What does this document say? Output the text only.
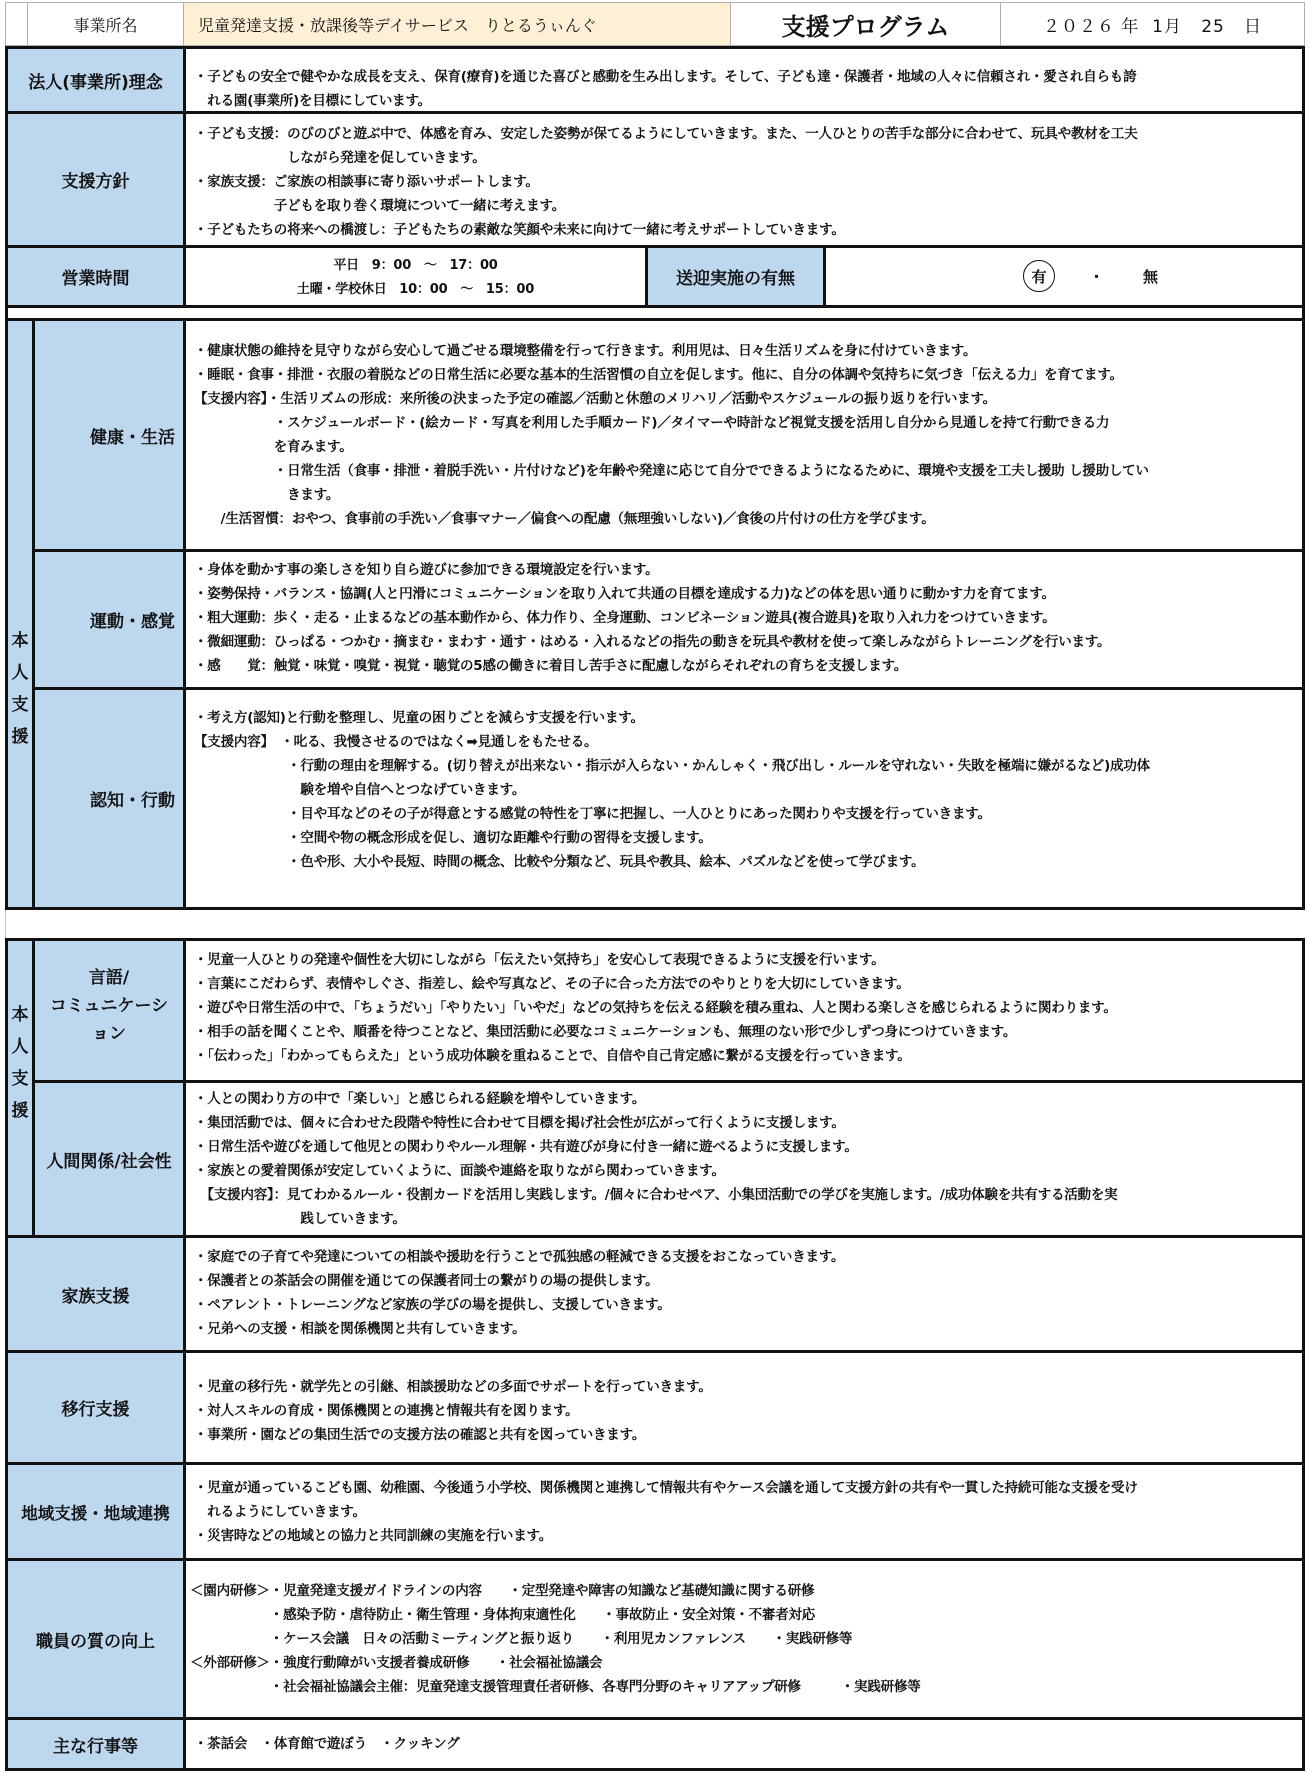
事業所名	児童発達支援・放課後等デイサービス　りとるうぃんぐ	支援プログラム	２０２６ 年  1月   25   日
法人(事業所)理念	・子どもの安全で健やかな成長を支え、保育(療育)を通じた喜びと感動を生み出します。そして、子ども達・保護者・地域の人々に信頼され・愛され自らも誇
　れる園(事業所)を目標にしています。
支援方針
・子ども支援：のびのびと遊ぶ中で、体感を育み、安定した姿勢が保てるようにしていきます。また、一人ひとりの苦手な部分に合わせて、玩具や教材を工夫
　　　　　　　しながら発達を促していきます。
・家族支援：ご家族の相談事に寄り添いサポートします。
　　　　　　子どもを取り巻く環境について一緒に考えます。
・子どもたちの将来への橋渡し：子どもたちの素敵な笑顔や未来に向けて一緒に考えサポートしていきます。
営業時間
平日　9：00　～　17：00
土曜・学校休日　10：00　～　15：00
送迎実施の有無	有	・	無
本
人
支
援
健康・生活
・健康状態の維持を見守りながら安心して過ごせる環境整備を行って行きます。利用児は、日々生活リズムを身に付けていきます。
・睡眠・食事・排泄・衣服の着脱などの日常生活に必要な基本的生活習慣の自立を促します。他に、自分の体調や気持ちに気づき「伝える力」を育てます。
【支援内容】・生活リズムの形成：来所後の決まった予定の確認／活動と休憩のメリハリ／活動やスケジュールの振り返りを行います。
　　　　　　・スケジュールボード・(絵カード・写真を利用した手順カード)／タイマーや時計など視覚支援を活用し自分から見通しを持て行動できる力
　　　　　　を育みます。
　　　　　　・日常生活（食事・排泄・着脱手洗い・片付けなど)を年齢や発達に応じて自分でできるようになるために、環境や支援を工夫し援助 し援助してい
　　　　　　　きます。
　　/生活習慣：おやつ、食事前の手洗い／食事マナー／偏食への配慮（無理強いしない)／食後の片付けの仕方を学びます。
運動・感覚
・身体を動かす事の楽しさを知り自ら遊びに参加できる環境設定を行います。
・姿勢保持・バランス・協調(人と円滑にコミュニケーションを取り入れて共通の目標を達成する力)などの体を思い通りに動かす力を育てます。
・粗大運動：歩く・走る・止まるなどの基本動作から、体力作り、全身運動、コンビネーション遊具(複合遊具)を取り入れ力をつけていきます。
・微細運動：ひっぱる・つかむ・摘まむ・まわす・通す・はめる・入れるなどの指先の動きを玩具や教材を使って楽しみながらトレーニングを行います。
・感　　覚：触覚・味覚・嗅覚・視覚・聴覚の5感の働きに着目し苦手さに配慮しながらそれぞれの育ちを支援します。
認知・行動
・考え方(認知)と行動を整理し、児童の困りごとを減らす支援を行います。
【支援内容】　・叱る、我慢させるのではなく➡見通しをもたせる。
　　　　　　　・行動の理由を理解する。(切り替えが出来ない・指示が入らない・かんしゃく・飛び出し・ルールを守れない・失敗を極端に嫌がるなど)成功体
　　　　　　　　験を増や自信へとつなげていきます。
　　　　　　　・目や耳などのその子が得意とする感覚の特性を丁寧に把握し、一人ひとりにあった関わりや支援を行っていきます。
　　　　　　　・空間や物の概念形成を促し、適切な距離や行動の習得を支援します。
　　　　　　　・色や形、大小や長短、時間の概念、比較や分類など、玩具や教具、絵本、パズルなどを使って学びます。
本
人
支
援
言語/
コミュニケーシ
ョン
・児童一人ひとりの発達や個性を大切にしながら「伝えたい気持ち」を安心して表現できるように支援を行います。
・言葉にこだわらず、表情やしぐさ、指差し、絵や写真など、その子に合った方法でのやりとりを大切にしていきます。
・遊びや日常生活の中で、「ちょうだい」「やりたい」「いやだ」などの気持ちを伝える経験を積み重ね、人と関わる楽しさを感じられるように関わります。
・相手の話を聞くことや、順番を待つことなど、集団活動に必要なコミュニケーションも、無理のない形で少しずつ身につけていきます。
・「伝わった」「わかってもらえた」という成功体験を重ねることで、自信や自己肯定感に繋がる支援を行っていきます。
人間関係/社会性
・人との関わり方の中で「楽しい」と感じられる経験を増やしていきます。
・集団活動では、個々に合わせた段階や特性に合わせて目標を掲げ社会性が広がって行くように支援します。
・日常生活や遊びを通して他児との関わりやルール理解・共有遊びが身に付き一緒に遊べるように支援します。
・家族との愛着関係が安定していくように、面談や連絡を取りながら関わっていきます。
　【支援内容】：見てわかるルール・役割カードを活用し実践します。/個々に合わせペア、小集団活動での学びを実施します。/成功体験を共有する活動を実
　　　　　　　　践していきます。
家族支援
・家庭での子育てや発達についての相談や援助を行うことで孤独感の軽減できる支援をおこなっていきます。
・保護者との茶話会の開催を通じての保護者同士の繋がりの場の提供します。
・ペアレント・トレーニングなど家族の学びの場を提供し、支援していきます。
・兄弟への支援・相談を関係機関と共有していきます。
移行支援
・児童の移行先・就学先との引継、相談援助などの多面でサポートを行っていきます。
・対人スキルの育成・関係機関との連携と情報共有を図ります。
・事業所・園などの集団生活での支援方法の確認と共有を図っていきます。
地域支援・地域連携
・児童が通っているこども園、幼稚園、今後通う小学校、関係機関と連携して情報共有やケース会議を通して支援方針の共有や一貫した持続可能な支援を受け
　れるようにしていきます。
・災害時などの地域との協力と共同訓練の実施を行います。
職員の質の向上
＜園内研修＞・児童発達支援ガイドラインの内容　　・定型発達や障害の知識など基礎知識に関する研修
　　　　　　・感染予防・虐待防止・衛生管理・身体拘束適性化　　・事故防止・安全対策・不審者対応
　　　　　　・ケース会議　日々の活動ミーティングと振り返り　　・利用児カンファレンス　　・実践研修等
＜外部研修＞・強度行動障がい支援者養成研修　　・社会福祉協議会
　　　　　　・社会福祉協議会主催：児童発達支援管理責任者研修、各専門分野のキャリアアップ研修　　　・実践研修等
主な行事等	・茶話会　・体育館で遊ぼう　・クッキング
